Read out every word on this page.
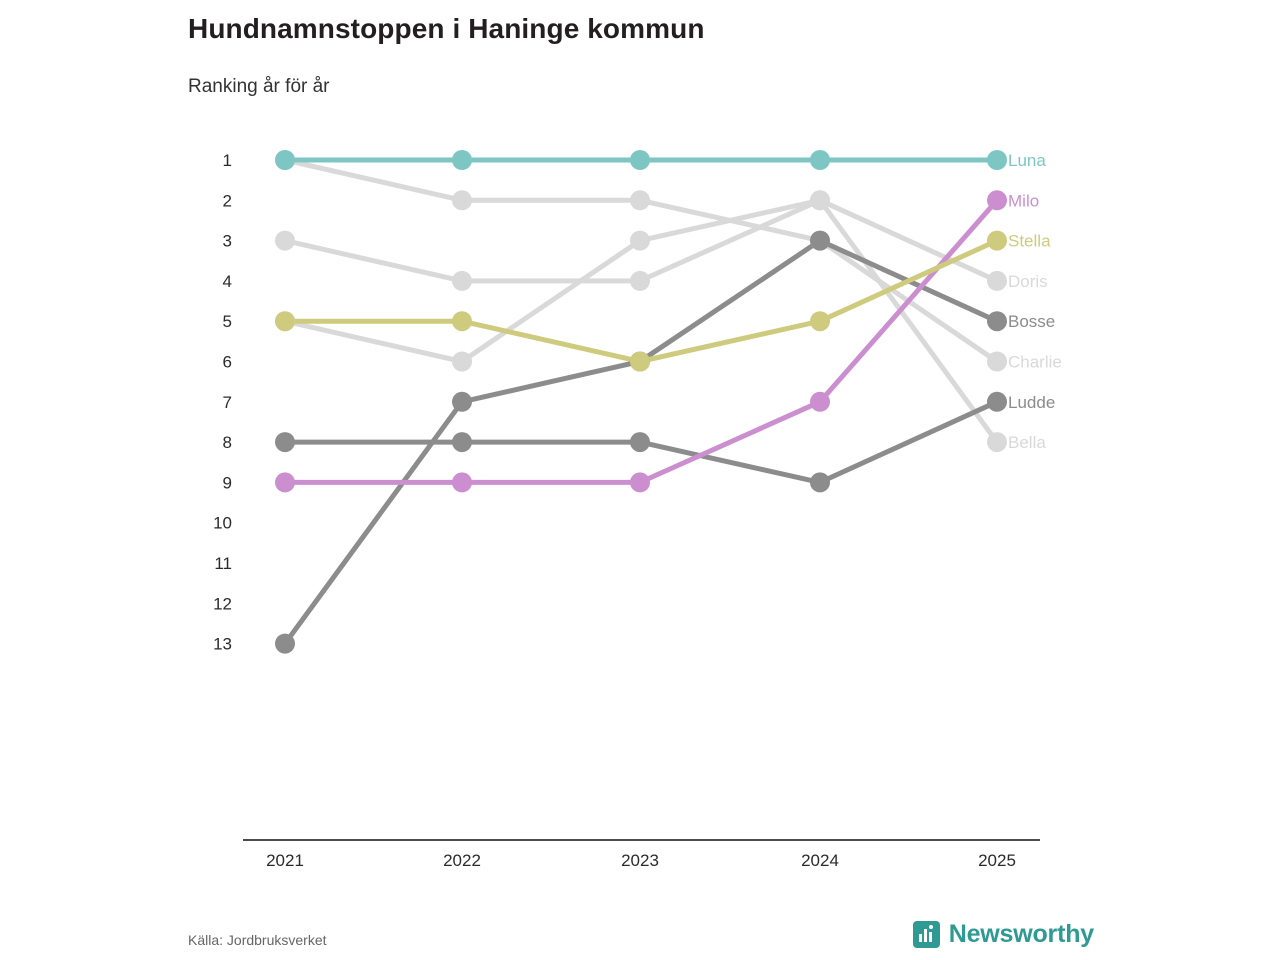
Hundnamnstoppen i Haninge kommun
Ranking år för år
1
2
3
4
5
6
7
8
9
10
11
12
13
2021	2022	2023	2024	2025
Luna
Milo
Stella
Doris
Bosse
Charlie
Ludde
Bella
Källa: Jordbruksverket	Newsworthy
